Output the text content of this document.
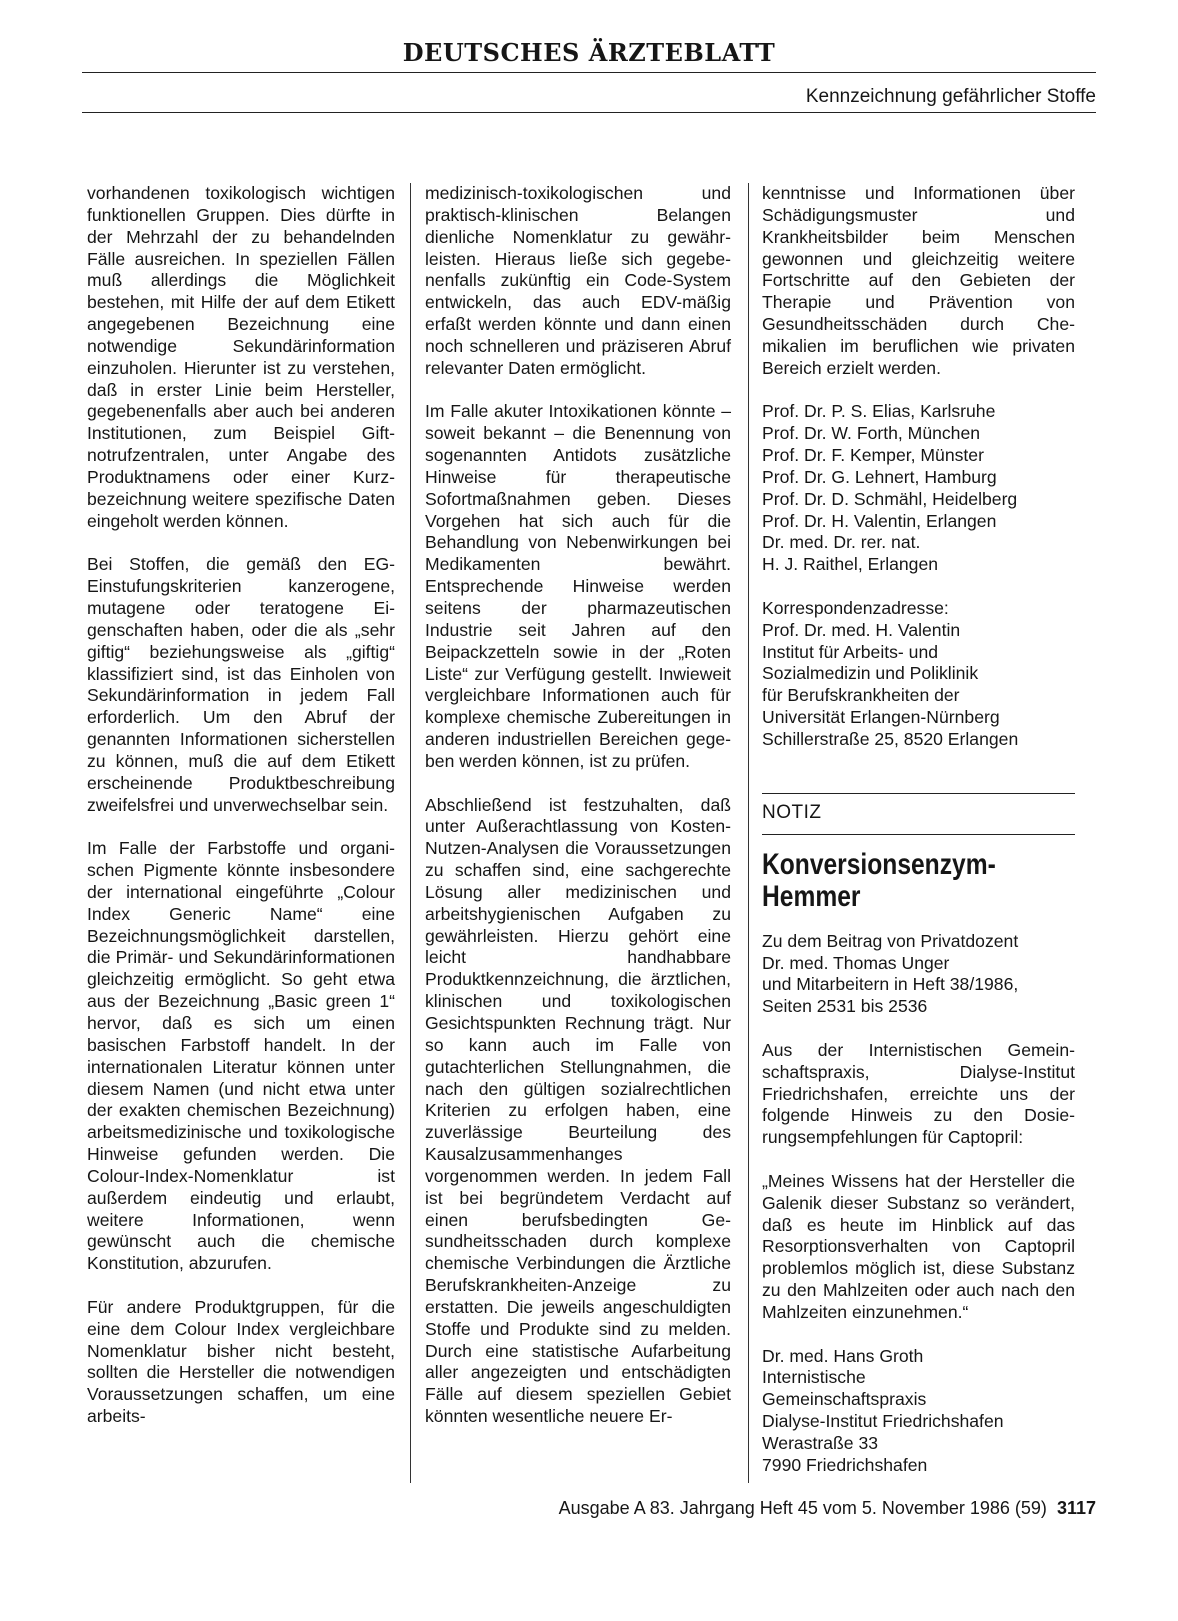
DEUTSCHES ÄRZTEBLATT
Kennzeichnung gefährlicher Stoffe

vorhandenen toxikologisch wichtigen funktionellen Gruppen. Dies dürfte in der Mehrzahl der zu behandelnden Fälle ausreichen. In speziellen Fällen muß allerdings die Möglichkeit bestehen, mit Hilfe der auf dem Etikett angegebenen Bezeichnung eine notwendige Sekundärinformation einzuholen. Hierunter ist zu verstehen, daß in erster Linie beim Hersteller, gegebenenfalls aber auch bei anderen Institutionen, zum Beispiel Giftnotrufzentralen, unter Angabe des Produktnamens oder einer Kurzbezeichnung weitere spezifische Daten eingeholt werden können.

Bei Stoffen, die gemäß den EG-Einstufungskriterien kanzerogene, mutagene oder teratogene Eigenschaften haben, oder die als „sehr giftig“ beziehungsweise als „giftig“ klassifiziert sind, ist das Einholen von Sekundärinformation in jedem Fall erforderlich. Um den Abruf der genannten Informationen sicherstellen zu können, muß die auf dem Etikett erscheinende Produktbeschreibung zweifelsfrei und unverwechselbar sein.

Im Falle der Farbstoffe und organischen Pigmente könnte insbesondere der international eingeführte „Colour Index Generic Name“ eine Bezeichnungsmöglichkeit darstellen, die Primär- und Sekundärinformationen gleichzeitig ermöglicht. So geht etwa aus der Bezeichnung „Basic green 1“ hervor, daß es sich um einen basischen Farbstoff handelt. In der internationalen Literatur können unter diesem Namen (und nicht etwa unter der exakten chemischen Bezeichnung) arbeitsmedizinische und toxikologische Hinweise gefunden werden. Die Colour-Index-Nomenklatur ist außerdem eindeutig und erlaubt, weitere Informationen, wenn gewünscht auch die chemische Konstitution, abzurufen.

Für andere Produktgruppen, für die eine dem Colour Index vergleichbare Nomenklatur bisher nicht besteht, sollten die Hersteller die notwendigen Voraussetzungen schaffen, um eine arbeits-

medizinisch-toxikologischen und praktisch-klinischen Belangen dienliche Nomenklatur zu gewährleisten. Hieraus ließe sich gegebenenfalls zukünftig ein Code-System entwickeln, das auch EDV-mäßig erfaßt werden könnte und dann einen noch schnelleren und präziseren Abruf relevanter Daten ermöglicht.

Im Falle akuter Intoxikationen könnte – soweit bekannt – die Benennung von sogenannten Antidots zusätzliche Hinweise für therapeutische Sofortmaßnahmen geben. Dieses Vorgehen hat sich auch für die Behandlung von Nebenwirkungen bei Medikamenten bewährt. Entsprechende Hinweise werden seitens der pharmazeutischen Industrie seit Jahren auf den Beipackzetteln sowie in der „Roten Liste“ zur Verfügung gestellt. Inwieweit vergleichbare Informationen auch für komplexe chemische Zubereitungen in anderen industriellen Bereichen gegeben werden können, ist zu prüfen.

Abschließend ist festzuhalten, daß unter Außerachtlassung von Kosten-Nutzen-Analysen die Voraussetzungen zu schaffen sind, eine sachgerechte Lösung aller medizinischen und arbeitshygienischen Aufgaben zu gewährleisten. Hierzu gehört eine leicht handhabbare Produktkennzeichnung, die ärztlichen, klinischen und toxikologischen Gesichtspunkten Rechnung trägt. Nur so kann auch im Falle von gutachterlichen Stellungnahmen, die nach den gültigen sozialrechtlichen Kriterien zu erfolgen haben, eine zuverlässige Beurteilung des Kausalzusammenhanges vorgenommen werden. In jedem Fall ist bei begründetem Verdacht auf einen berufsbedingten Gesundheitsschaden durch komplexe chemische Verbindungen die Ärztliche Berufskrankheiten-Anzeige zu erstatten. Die jeweils angeschuldigten Stoffe und Produkte sind zu melden. Durch eine statistische Aufarbeitung aller angezeigten und entschädigten Fälle auf diesem speziellen Gebiet könnten wesentliche neuere Er-

kenntnisse und Informationen über Schädigungsmuster und Krankheitsbilder beim Menschen gewonnen und gleichzeitig weitere Fortschritte auf den Gebieten der Therapie und Prävention von Gesundheitsschäden durch Chemikalien im beruflichen wie privaten Bereich erzielt werden.

Prof. Dr. P. S. Elias, Karlsruhe
Prof. Dr. W. Forth, München
Prof. Dr. F. Kemper, Münster
Prof. Dr. G. Lehnert, Hamburg
Prof. Dr. D. Schmähl, Heidelberg
Prof. Dr. H. Valentin, Erlangen
Dr. med. Dr. rer. nat.
H. J. Raithel, Erlangen
Korrespondenzadresse:
Prof. Dr. med. H. Valentin
Institut für Arbeits- und
Sozialmedizin und Poliklinik
für Berufskrankheiten der
Universität Erlangen-Nürnberg
Schillerstraße 25, 8520 Erlangen
NOTIZ
Konversionsenzym-
Hemmer
Zu dem Beitrag von Privatdozent
Dr. med. Thomas Unger
und Mitarbeitern in Heft 38/1986,
Seiten 2531 bis 2536

Aus der Internistischen Gemeinschaftspraxis, Dialyse-Institut Friedrichshafen, erreichte uns der folgende Hinweis zu den Dosierungsempfehlungen für Captopril:

„Meines Wissens hat der Hersteller die Galenik dieser Substanz so verändert, daß es heute im Hinblick auf das Resorptionsverhalten von Captopril problemlos möglich ist, diese Substanz zu den Mahlzeiten oder auch nach den Mahlzeiten einzunehmen.“

Dr. med. Hans Groth
Internistische
Gemeinschaftspraxis
Dialyse-Institut Friedrichshafen
Werastraße 33
7990 Friedrichshafen
Ausgabe A 83. Jahrgang Heft 45 vom 5. November 1986 (59) 3117
